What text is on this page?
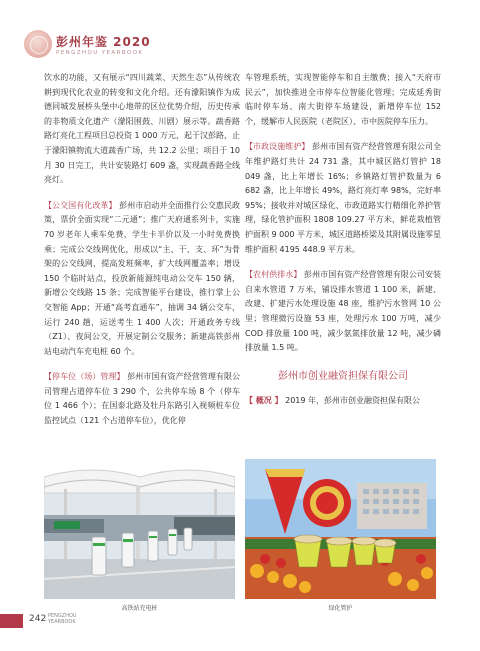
彭州年鉴 2020
PENGZHOU YEARBOOK

饮水的功能，又有展示“四川蔬菜、天然生态”从传统农耕到现代化农业的转变和文化介绍。还有濛阳镇作为成德同城发展桥头堡中心地带的区位优势介绍，历史传承的非物质文化遗产（濛阳围鼓、川剧）展示等。蔬香路路灯亮化工程项目总投资 1 000 万元，起于汉彭路，止于濛阳镇物流大道蔬香广场，共 12.2 公里；项目于 10 月 30 日完工，共计安装路灯 609 盏，实现蔬香路全线亮灯。

【公交国有化改革】 彭州市启动并全面推行公交惠民政策，票价全面实现“二元通”；推广天府通系列卡，实施 70 岁老年人乘车免费，学生卡半价以及一小时免费换乘；完成公交线网优化，形成以“主、干、支、环”为骨架的公交线网，提高发班频率，扩大线网覆盖率；增设 150 个临时站点，投放新能源纯电动公交车 150 辆，新增公交线路 15 条；完成智能平台建设，推行掌上公交智能 App；开通“高考直通车”，抽调 34 辆公交车，运行 240 趟，运送考生 1 400 人次；开通政务专线（Z1）、夜间公交，开展定制公交服务；新建高铁彭州站电动汽车充电桩 60 个。

【停车位（场）管理】 彭州市国有资产经营管理有限公司管理占道停车位 3 290 个，公共停车场 8 个（停车位 1 466 个）；在国泰北路及牡丹东路引入视频桩车位监控试点（121 个占道停车位），优化停

车管理系统，实现智能停车和自主缴费；接入“天府市民云”，加快推进全市停车位智能化管理；完成延秀街临时停车场、南大街停车场建设，新增停车位 152 个，缓解市人民医院（老院区）、市中医院停车压力。

【市政设施维护】 彭州市国有资产经营管理有限公司全年维护路灯共计 24 731 盏，其中城区路灯管护 18 049 盏，比上年增长 16%；乡镇路灯管护数量为 6 682 盏，比上年增长 49%，路灯亮灯率 98%，完好率 95%；接收并对城区绿化、市政道路实行精细化养护管理，绿化管护面积 1808 109.27 平方米，鲜花栽植管护面积 9 000 平方米，城区道路桥梁及其附属设施零星维护面积 4195 448.9 平方米。

【农村供排水】 彭州市国有资产经营管理有限公司安装自来水管道 7 万米，铺设排水管道 1 100 米，新建、改建、扩建污水处理设施 48 座，维护污水管网 10 公里；管理微污设施 53 座，处理污水 100 万吨，减少 COD 排放量 100 吨，减少氨氮排放量 12 吨，减少磷排放量 1.5 吨。

彭州市创业融资担保有限公司

【 概况 】 2019 年，彭州市创业融资担保有限公

高铁站充电桩	绿化管护
242 PENGZHOU
YEARBOOK
